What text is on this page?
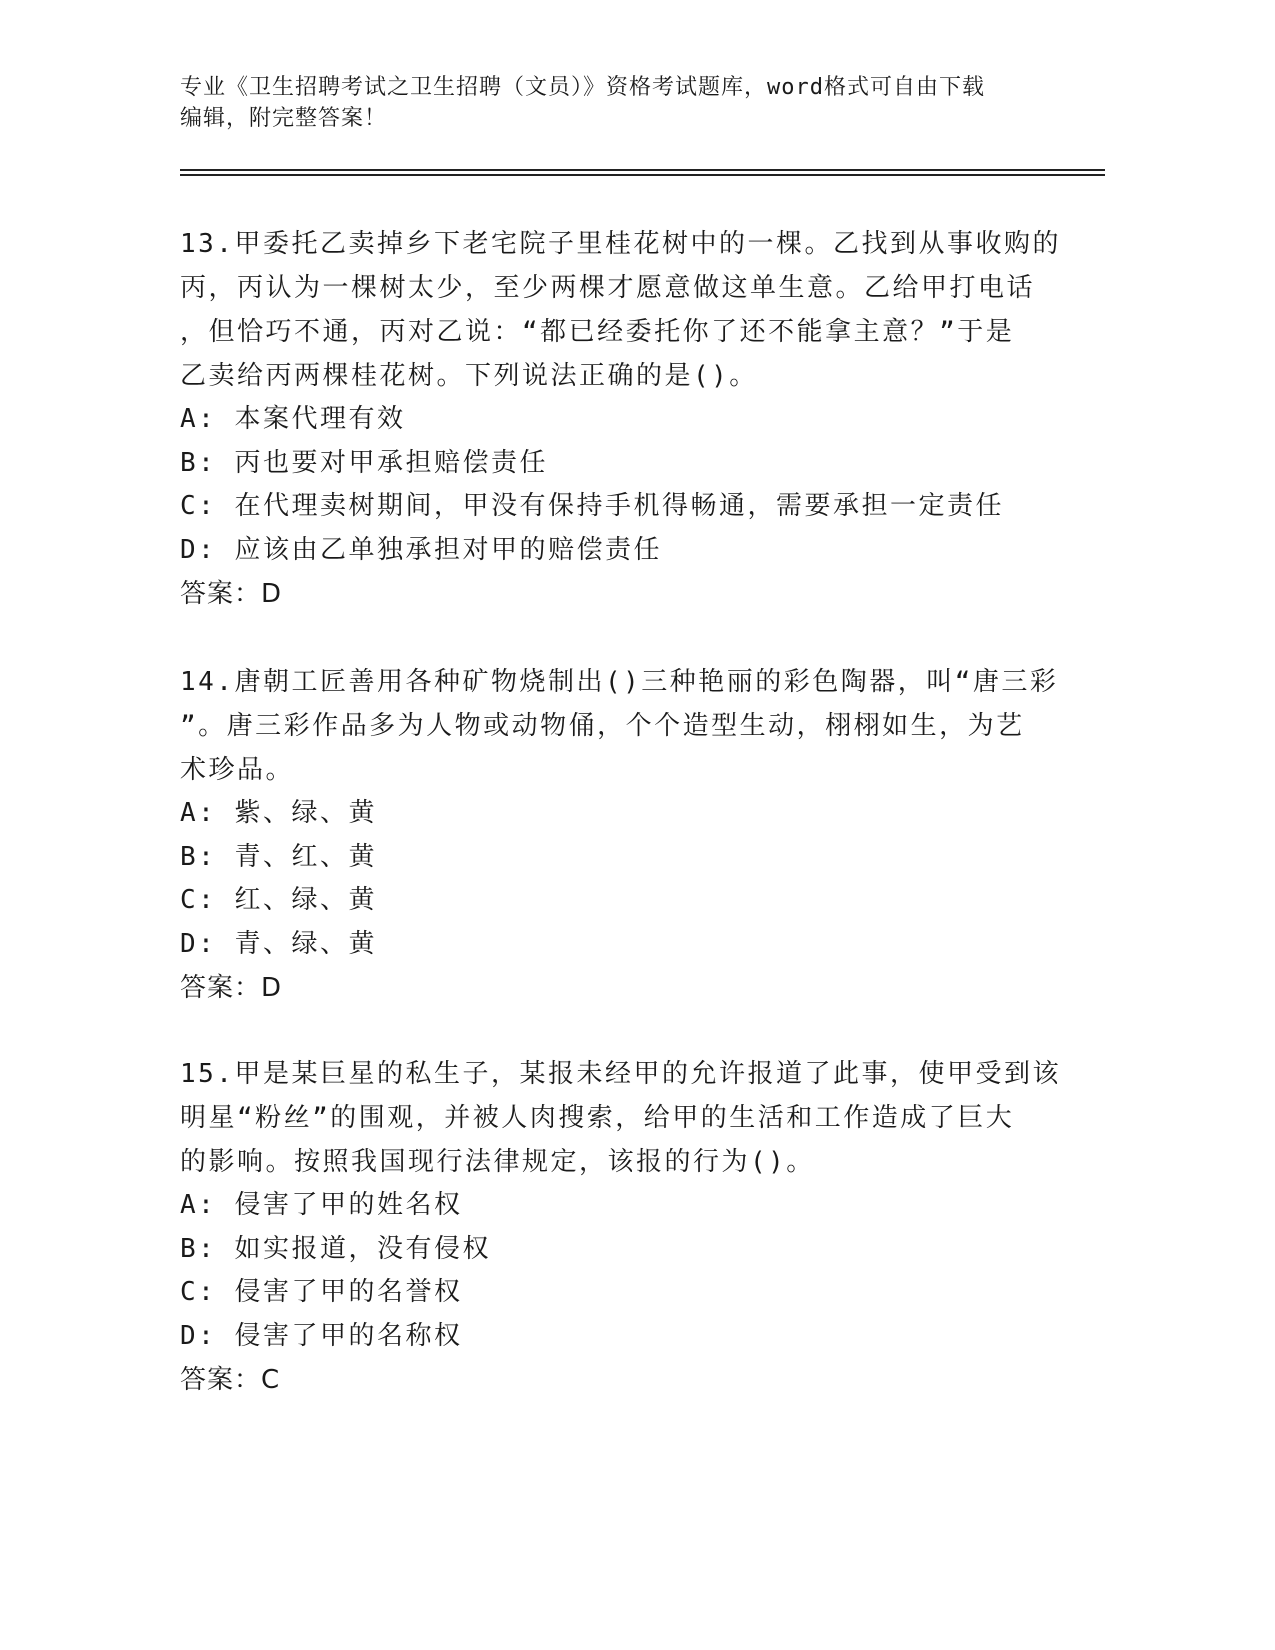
专业《卫生招聘考试之卫生招聘（文员）》资格考试题库，word格式可自由下载
编辑，附完整答案！
13.甲委托乙卖掉乡下老宅院子里桂花树中的一棵。乙找到从事收购的
丙，丙认为一棵树太少，至少两棵才愿意做这单生意。乙给甲打电话
，但恰巧不通，丙对乙说：“都已经委托你了还不能拿主意？”于是
乙卖给丙两棵桂花树。下列说法正确的是()。
A: 本案代理有效
B: 丙也要对甲承担赔偿责任
C: 在代理卖树期间，甲没有保持手机得畅通，需要承担一定责任
D: 应该由乙单独承担对甲的赔偿责任
答案：D
14.唐朝工匠善用各种矿物烧制出()三种艳丽的彩色陶器，叫“唐三彩
”。唐三彩作品多为人物或动物俑，个个造型生动，栩栩如生，为艺
术珍品。
A: 紫、绿、黄
B: 青、红、黄
C: 红、绿、黄
D: 青、绿、黄
答案：D
15.甲是某巨星的私生子，某报未经甲的允许报道了此事，使甲受到该
明星“粉丝”的围观，并被人肉搜索，给甲的生活和工作造成了巨大
的影响。按照我国现行法律规定，该报的行为()。
A: 侵害了甲的姓名权
B: 如实报道，没有侵权
C: 侵害了甲的名誉权
D: 侵害了甲的名称权
答案：C
